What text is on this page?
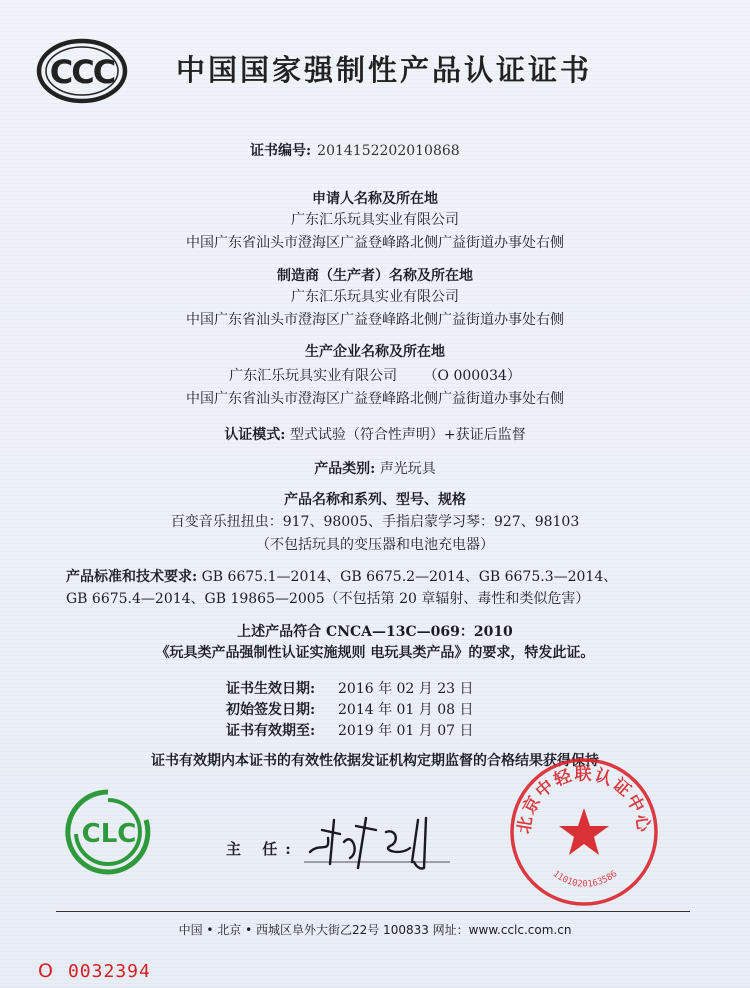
CCC 中国国家强制性产品认证证书
证书编号: 2014152202010868
申请人名称及所在地
广东汇乐玩具实业有限公司
中国广东省汕头市澄海区广益登峰路北侧广益街道办事处右侧
制造商（生产者）名称及所在地
广东汇乐玩具实业有限公司
中国广东省汕头市澄海区广益登峰路北侧广益街道办事处右侧
生产企业名称及所在地
广东汇乐玩具实业有限公司 （O 000034）
中国广东省汕头市澄海区广益登峰路北侧广益街道办事处右侧
认证模式: 型式试验（符合性声明）+获证后监督
产品类别: 声光玩具
产品名称和系列、型号、规格
百变音乐扭扭虫：917、98005、手指启蒙学习琴：927、98103
（不包括玩具的变压器和电池充电器）
产品标准和技术要求: GB 6675.1—2014、GB 6675.2—2014、GB 6675.3—2014、
GB 6675.4—2014、GB 19865—2005（不包括第 20 章辐射、毒性和类似危害）
上述产品符合 CNCA—13C—069：2010
《玩具类产品强制性认证实施规则 电玩具类产品》的要求，特发此证。
证书生效日期: 2016 年 02 月 23 日
初始签发日期: 2014 年 01 月 08 日
证书有效期至: 2019 年 01 月 07 日
证书有效期内本证书的有效性依据发证机构定期监督的合格结果获得保持
CLC	主 任:
北京中轻联认证中心
1101020163586
中国 • 北京 • 西城区阜外大街乙22号 100833 网址：www.cclc.com.cn
O 0032394
